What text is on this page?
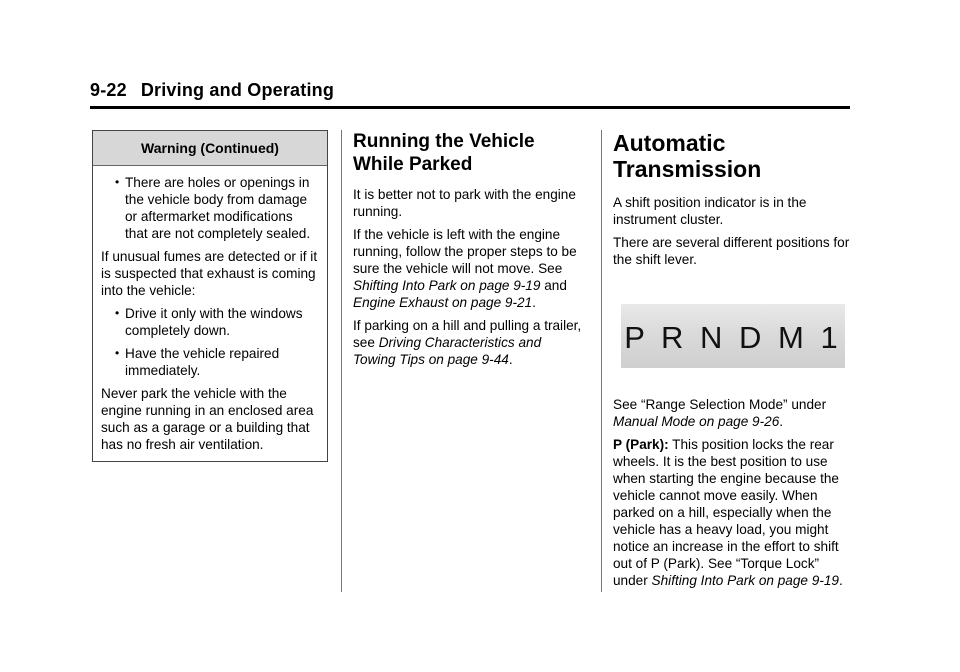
9-22 Driving and Operating
Warning (Continued)
• There are holes or openings in the vehicle body from damage or aftermarket modifications that are not completely sealed.

If unusual fumes are detected or if it is suspected that exhaust is coming into the vehicle:

• Drive it only with the windows completely down.
• Have the vehicle repaired immediately.

Never park the vehicle with the engine running in an enclosed area such as a garage or a building that has no fresh air ventilation.

Running the Vehicle While Parked

It is better not to park with the engine running.

If the vehicle is left with the engine running, follow the proper steps to be sure the vehicle will not move. See Shifting Into Park on page 9-19 and Engine Exhaust on page 9-21.

If parking on a hill and pulling a trailer, see Driving Characteristics and Towing Tips on page 9-44.

Automatic Transmission

A shift position indicator is in the instrument cluster.

There are several different positions for the shift lever.

P R N D M 1

See “Range Selection Mode” under Manual Mode on page 9-26.

P (Park): This position locks the rear wheels. It is the best position to use when starting the engine because the vehicle cannot move easily. When parked on a hill, especially when the vehicle has a heavy load, you might notice an increase in the effort to shift out of P (Park). See “Torque Lock” under Shifting Into Park on page 9-19.
